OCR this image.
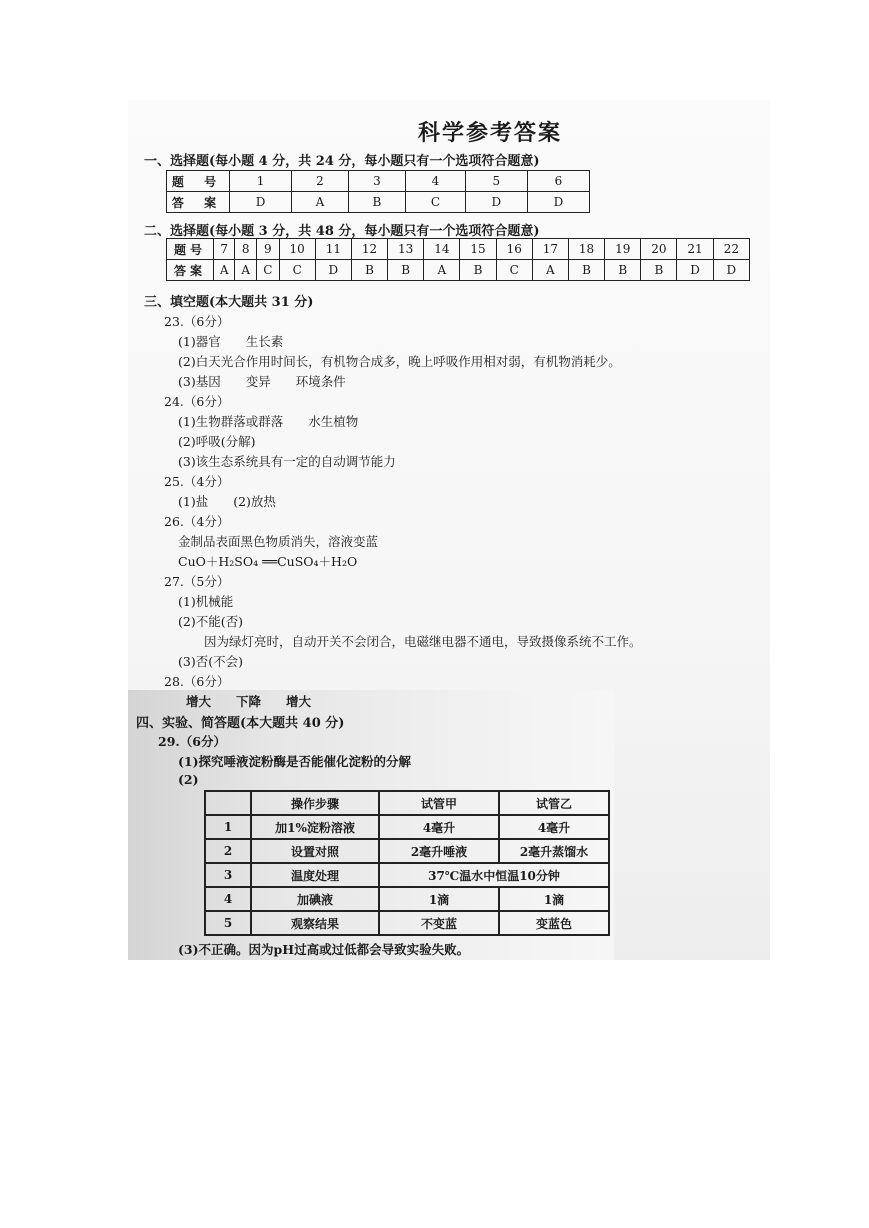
科学参考答案
一、选择题(每小题 4 分，共 24 分，每小题只有一个选项符合题意)
题 号	1	2	3	4	5	6
答 案	D	A	B	C	D	D
二、选择题(每小题 3 分，共 48 分，每小题只有一个选项符合题意)
题号	7	8	9	10	11	12	13	14	15	16	17	18	19	20	21	22
答案	A	A	C	C	D	B	B	A	B	C	A	B	B	B	D	D
三、填空题(本大题共 31 分)
23.（6分）
(1)器官　　生长素
(2)白天光合作用时间长，有机物合成多，晚上呼吸作用相对弱，有机物消耗少。
(3)基因　　变异　　环境条件
24.（6分）
(1)生物群落或群落　　水生植物
(2)呼吸(分解)
(3)该生态系统具有一定的自动调节能力
25.（4分）
(1)盐　　(2)放热
26.（4分）
金制品表面黑色物质消失，溶液变蓝
CuO＋H₂SO₄ ══CuSO₄＋H₂O
27.（5分）
(1)机械能
(2)不能(否)
因为绿灯亮时，自动开关不会闭合，电磁继电器不通电，导致摄像系统不工作。
(3)否(不会)
28.（6分）
增大　　下降　　增大
四、实验、简答题(本大题共 40 分)
29.（6分）
(1)探究唾液淀粉酶是否能催化淀粉的分解
(2)
	操作步骤	试管甲	试管乙
1	加1%淀粉溶液	4毫升	4毫升
2	设置对照	2毫升唾液	2毫升蒸馏水
3	温度处理	37℃温水中恒温10分钟	
4	加碘液	1滴	1滴
5	观察结果	不变蓝	变蓝色
(3)不正确。因为pH过高或过低都会导致实验失败。
